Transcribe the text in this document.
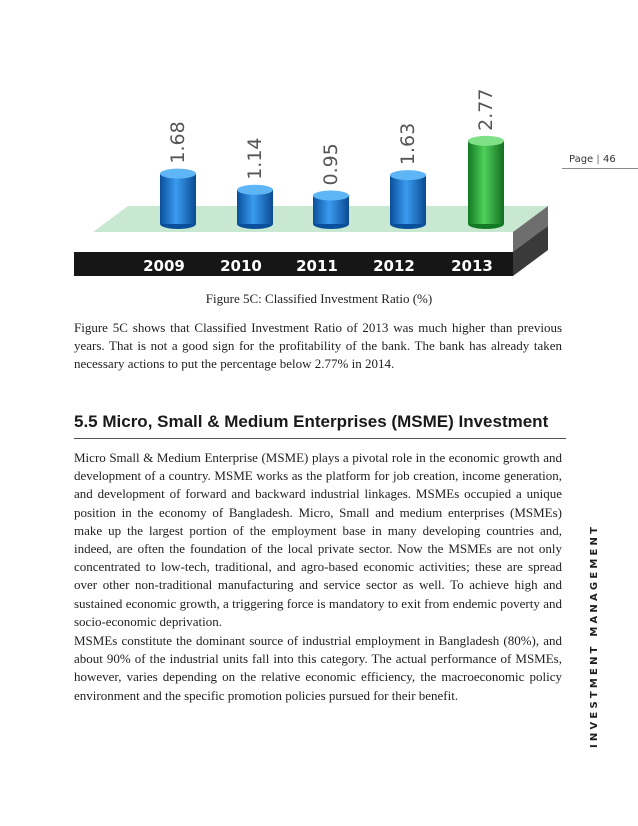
Page | 46
INVESTMENT MANAGEMENT
1.68
2009
1.14
2010
0.95
2011
1.63
2012
2.77
2013
Figure 5C: Classified Investment Ratio (%)

Figure 5C shows that Classified Investment Ratio of 2013 was much higher than previous years. That is not a good sign for the profitability of the bank. The bank has already taken necessary actions to put the percentage below 2.77% in 2014.

5.5 Micro, Small & Medium Enterprises (MSME) Investment

Micro Small & Medium Enterprise (MSME) plays a pivotal role in the economic growth and development of a country. MSME works as the platform for job creation, income generation, and development of forward and backward industrial linkages. MSMEs occupied a unique position in the economy of Bangladesh. Micro, Small and medium enterprises (MSMEs) make up the largest portion of the employment base in many developing countries and, indeed, are often the foundation of the local private sector. Now the MSMEs are not only concentrated to low-tech, traditional, and agro-based economic activities; these are spread over other non-traditional manufacturing and service sector as well. To achieve high and sustained economic growth, a triggering force is mandatory to exit from endemic poverty and socio-economic deprivation.

MSMEs constitute the dominant source of industrial employment in Bangladesh (80%), and about 90% of the industrial units fall into this category. The actual performance of MSMEs, however, varies depending on the relative economic efficiency, the macroeconomic policy environment and the specific promotion policies pursued for their benefit.
